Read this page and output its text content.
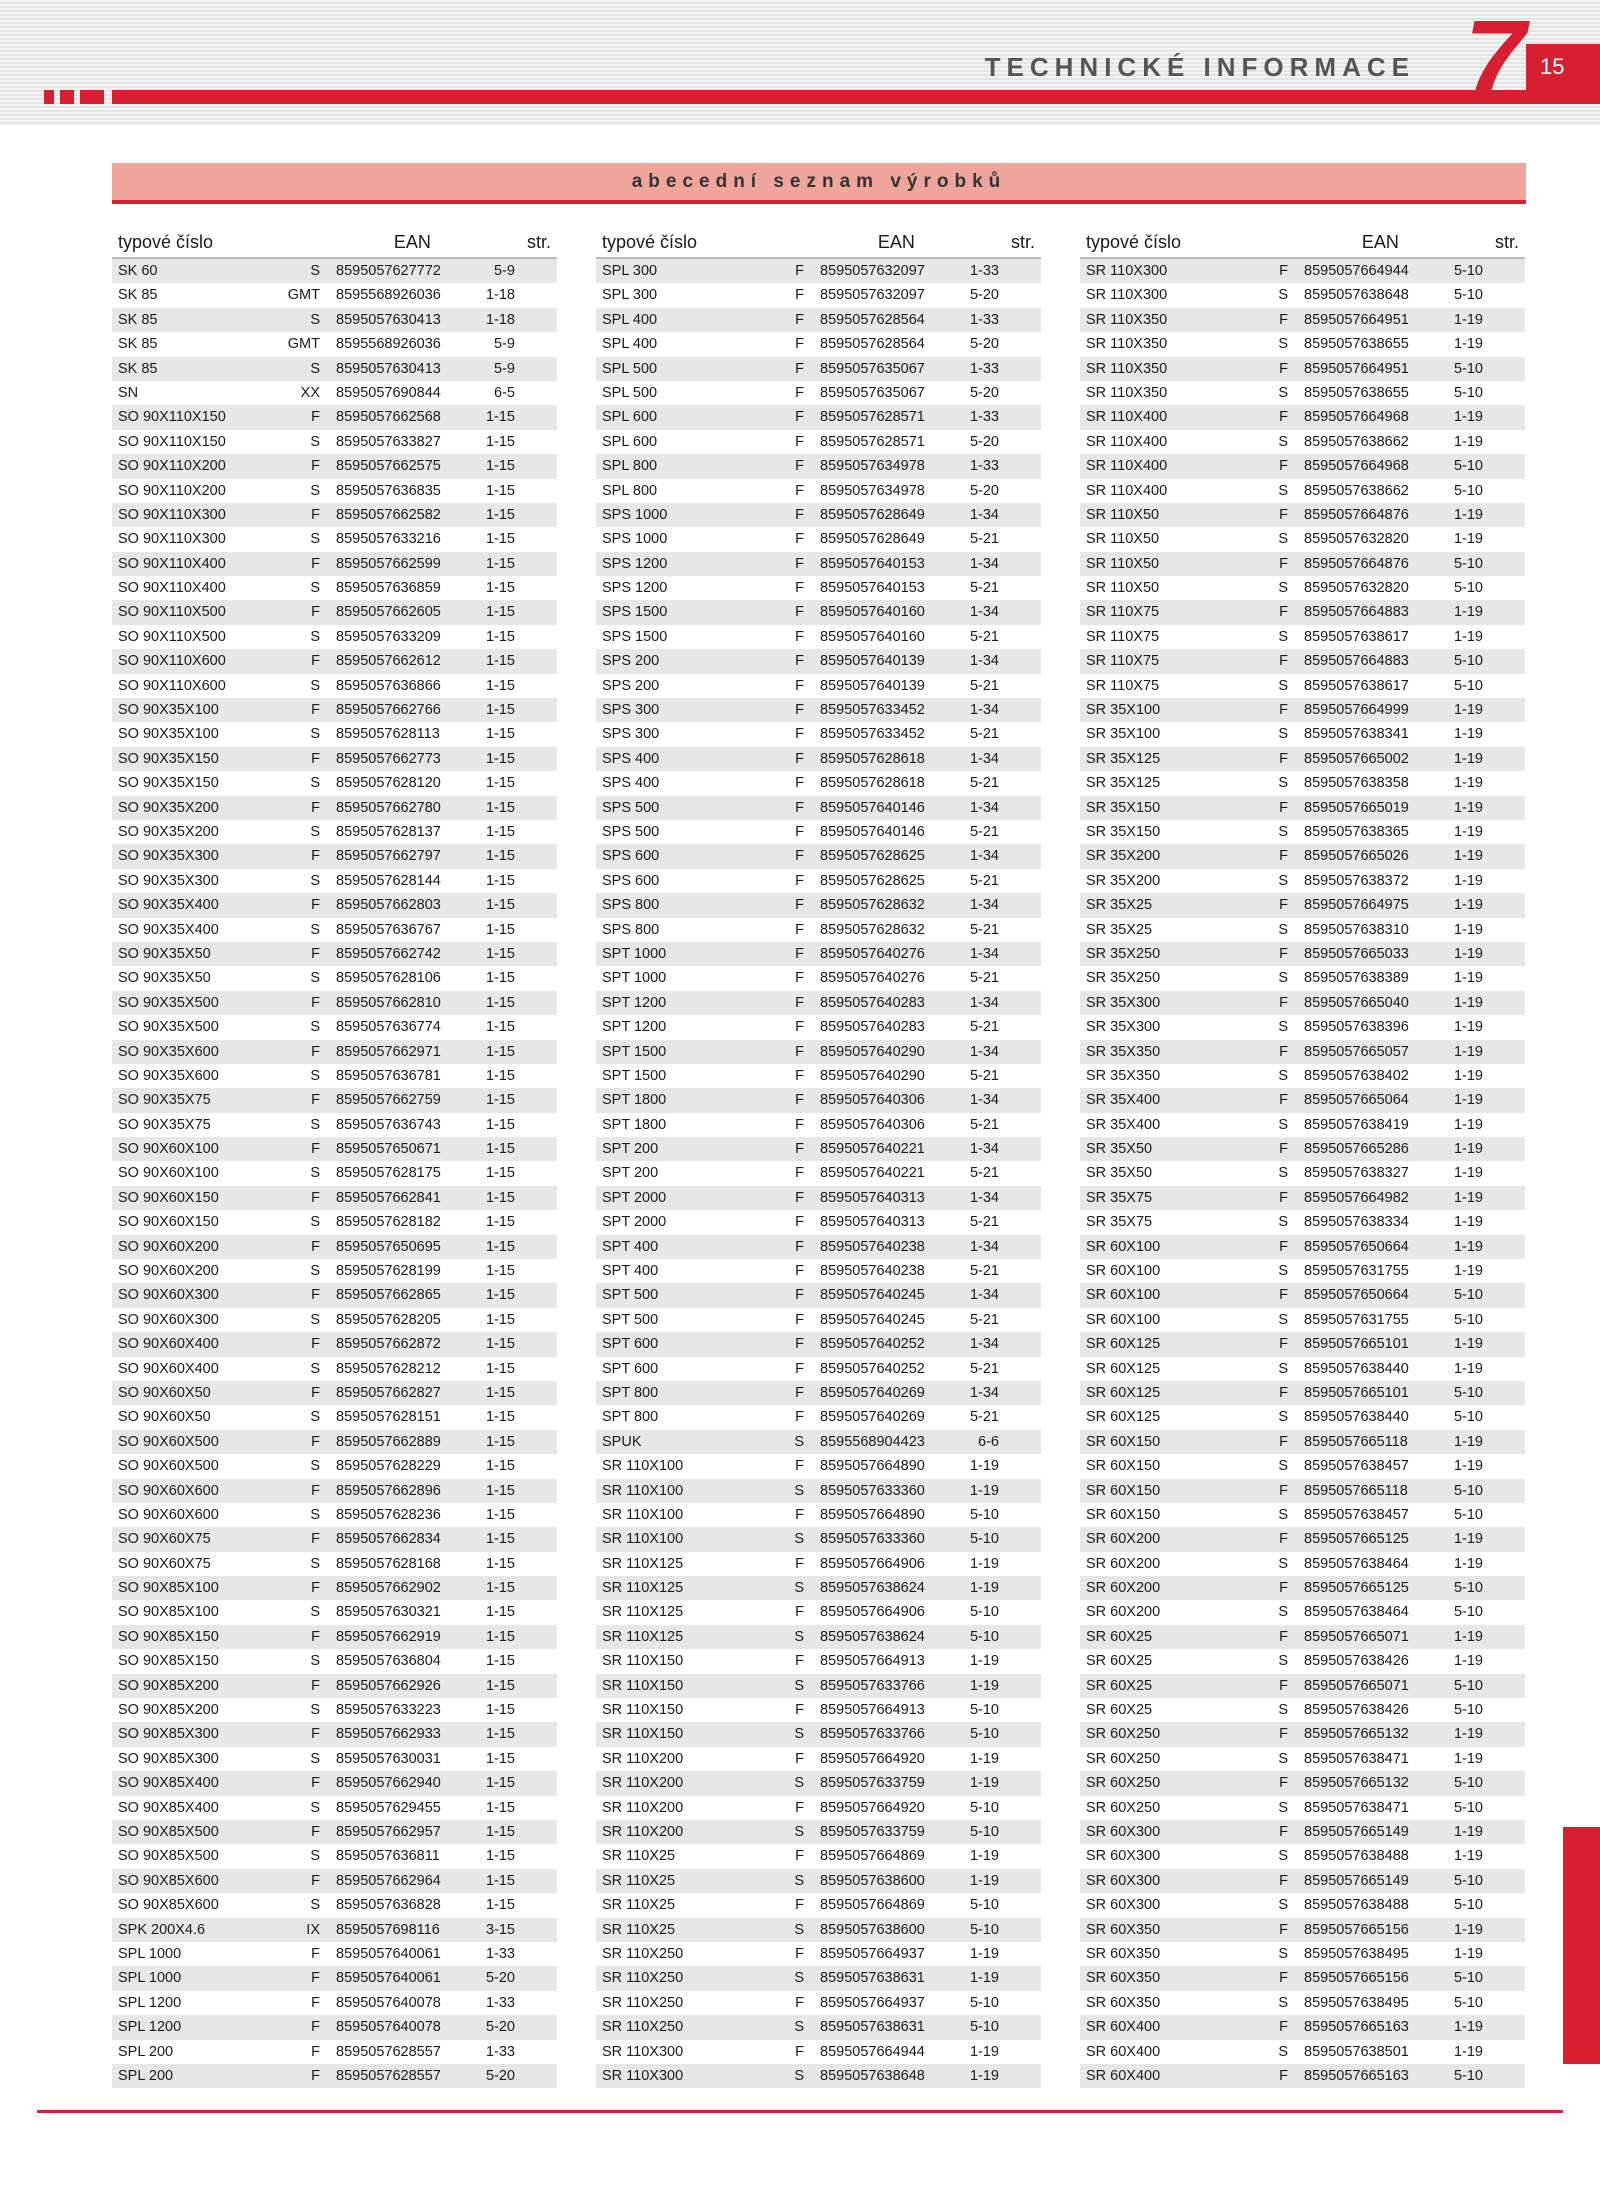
TECHNICKÉ INFORMACE 7 15
abecední seznam výrobků
typové číslo	EAN	str.
SK 60	S	8595057627772	5-9
SK 85	GMT	8595568926036	1-18
SK 85	S	8595057630413	1-18
SK 85	GMT	8595568926036	5-9
SK 85	S	8595057630413	5-9
SN	XX	8595057690844	6-5
SO 90X110X150	F	8595057662568	1-15
SO 90X110X150	S	8595057633827	1-15
SO 90X110X200	F	8595057662575	1-15
SO 90X110X200	S	8595057636835	1-15
SO 90X110X300	F	8595057662582	1-15
SO 90X110X300	S	8595057633216	1-15
SO 90X110X400	F	8595057662599	1-15
SO 90X110X400	S	8595057636859	1-15
SO 90X110X500	F	8595057662605	1-15
SO 90X110X500	S	8595057633209	1-15
SO 90X110X600	F	8595057662612	1-15
SO 90X110X600	S	8595057636866	1-15
SO 90X35X100	F	8595057662766	1-15
SO 90X35X100	S	8595057628113	1-15
SO 90X35X150	F	8595057662773	1-15
SO 90X35X150	S	8595057628120	1-15
SO 90X35X200	F	8595057662780	1-15
SO 90X35X200	S	8595057628137	1-15
SO 90X35X300	F	8595057662797	1-15
SO 90X35X300	S	8595057628144	1-15
SO 90X35X400	F	8595057662803	1-15
SO 90X35X400	S	8595057636767	1-15
SO 90X35X50	F	8595057662742	1-15
SO 90X35X50	S	8595057628106	1-15
SO 90X35X500	F	8595057662810	1-15
SO 90X35X500	S	8595057636774	1-15
SO 90X35X600	F	8595057662971	1-15
SO 90X35X600	S	8595057636781	1-15
SO 90X35X75	F	8595057662759	1-15
SO 90X35X75	S	8595057636743	1-15
SO 90X60X100	F	8595057650671	1-15
SO 90X60X100	S	8595057628175	1-15
SO 90X60X150	F	8595057662841	1-15
SO 90X60X150	S	8595057628182	1-15
SO 90X60X200	F	8595057650695	1-15
SO 90X60X200	S	8595057628199	1-15
SO 90X60X300	F	8595057662865	1-15
SO 90X60X300	S	8595057628205	1-15
SO 90X60X400	F	8595057662872	1-15
SO 90X60X400	S	8595057628212	1-15
SO 90X60X50	F	8595057662827	1-15
SO 90X60X50	S	8595057628151	1-15
SO 90X60X500	F	8595057662889	1-15
SO 90X60X500	S	8595057628229	1-15
SO 90X60X600	F	8595057662896	1-15
SO 90X60X600	S	8595057628236	1-15
SO 90X60X75	F	8595057662834	1-15
SO 90X60X75	S	8595057628168	1-15
SO 90X85X100	F	8595057662902	1-15
SO 90X85X100	S	8595057630321	1-15
SO 90X85X150	F	8595057662919	1-15
SO 90X85X150	S	8595057636804	1-15
SO 90X85X200	F	8595057662926	1-15
SO 90X85X200	S	8595057633223	1-15
SO 90X85X300	F	8595057662933	1-15
SO 90X85X300	S	8595057630031	1-15
SO 90X85X400	F	8595057662940	1-15
SO 90X85X400	S	8595057629455	1-15
SO 90X85X500	F	8595057662957	1-15
SO 90X85X500	S	8595057636811	1-15
SO 90X85X600	F	8595057662964	1-15
SO 90X85X600	S	8595057636828	1-15
SPK 200X4.6	IX	8595057698116	3-15
SPL 1000	F	8595057640061	1-33
SPL 1000	F	8595057640061	5-20
SPL 1200	F	8595057640078	1-33
SPL 1200	F	8595057640078	5-20
SPL 200	F	8595057628557	1-33
SPL 200	F	8595057628557	5-20
typové číslo	EAN	str.
SPL 300	F	8595057632097	1-33
SPL 300	F	8595057632097	5-20
SPL 400	F	8595057628564	1-33
SPL 400	F	8595057628564	5-20
SPL 500	F	8595057635067	1-33
SPL 500	F	8595057635067	5-20
SPL 600	F	8595057628571	1-33
SPL 600	F	8595057628571	5-20
SPL 800	F	8595057634978	1-33
SPL 800	F	8595057634978	5-20
SPS 1000	F	8595057628649	1-34
SPS 1000	F	8595057628649	5-21
SPS 1200	F	8595057640153	1-34
SPS 1200	F	8595057640153	5-21
SPS 1500	F	8595057640160	1-34
SPS 1500	F	8595057640160	5-21
SPS 200	F	8595057640139	1-34
SPS 200	F	8595057640139	5-21
SPS 300	F	8595057633452	1-34
SPS 300	F	8595057633452	5-21
SPS 400	F	8595057628618	1-34
SPS 400	F	8595057628618	5-21
SPS 500	F	8595057640146	1-34
SPS 500	F	8595057640146	5-21
SPS 600	F	8595057628625	1-34
SPS 600	F	8595057628625	5-21
SPS 800	F	8595057628632	1-34
SPS 800	F	8595057628632	5-21
SPT 1000	F	8595057640276	1-34
SPT 1000	F	8595057640276	5-21
SPT 1200	F	8595057640283	1-34
SPT 1200	F	8595057640283	5-21
SPT 1500	F	8595057640290	1-34
SPT 1500	F	8595057640290	5-21
SPT 1800	F	8595057640306	1-34
SPT 1800	F	8595057640306	5-21
SPT 200	F	8595057640221	1-34
SPT 200	F	8595057640221	5-21
SPT 2000	F	8595057640313	1-34
SPT 2000	F	8595057640313	5-21
SPT 400	F	8595057640238	1-34
SPT 400	F	8595057640238	5-21
SPT 500	F	8595057640245	1-34
SPT 500	F	8595057640245	5-21
SPT 600	F	8595057640252	1-34
SPT 600	F	8595057640252	5-21
SPT 800	F	8595057640269	1-34
SPT 800	F	8595057640269	5-21
SPUK	S	8595568904423	6-6
SR 110X100	F	8595057664890	1-19
SR 110X100	S	8595057633360	1-19
SR 110X100	F	8595057664890	5-10
SR 110X100	S	8595057633360	5-10
SR 110X125	F	8595057664906	1-19
SR 110X125	S	8595057638624	1-19
SR 110X125	F	8595057664906	5-10
SR 110X125	S	8595057638624	5-10
SR 110X150	F	8595057664913	1-19
SR 110X150	S	8595057633766	1-19
SR 110X150	F	8595057664913	5-10
SR 110X150	S	8595057633766	5-10
SR 110X200	F	8595057664920	1-19
SR 110X200	S	8595057633759	1-19
SR 110X200	F	8595057664920	5-10
SR 110X200	S	8595057633759	5-10
SR 110X25	F	8595057664869	1-19
SR 110X25	S	8595057638600	1-19
SR 110X25	F	8595057664869	5-10
SR 110X25	S	8595057638600	5-10
SR 110X250	F	8595057664937	1-19
SR 110X250	S	8595057638631	1-19
SR 110X250	F	8595057664937	5-10
SR 110X250	S	8595057638631	5-10
SR 110X300	F	8595057664944	1-19
SR 110X300	S	8595057638648	1-19
typové číslo	EAN	str.
SR 110X300	F	8595057664944	5-10
SR 110X300	S	8595057638648	5-10
SR 110X350	F	8595057664951	1-19
SR 110X350	S	8595057638655	1-19
SR 110X350	F	8595057664951	5-10
SR 110X350	S	8595057638655	5-10
SR 110X400	F	8595057664968	1-19
SR 110X400	S	8595057638662	1-19
SR 110X400	F	8595057664968	5-10
SR 110X400	S	8595057638662	5-10
SR 110X50	F	8595057664876	1-19
SR 110X50	S	8595057632820	1-19
SR 110X50	F	8595057664876	5-10
SR 110X50	S	8595057632820	5-10
SR 110X75	F	8595057664883	1-19
SR 110X75	S	8595057638617	1-19
SR 110X75	F	8595057664883	5-10
SR 110X75	S	8595057638617	5-10
SR 35X100	F	8595057664999	1-19
SR 35X100	S	8595057638341	1-19
SR 35X125	F	8595057665002	1-19
SR 35X125	S	8595057638358	1-19
SR 35X150	F	8595057665019	1-19
SR 35X150	S	8595057638365	1-19
SR 35X200	F	8595057665026	1-19
SR 35X200	S	8595057638372	1-19
SR 35X25	F	8595057664975	1-19
SR 35X25	S	8595057638310	1-19
SR 35X250	F	8595057665033	1-19
SR 35X250	S	8595057638389	1-19
SR 35X300	F	8595057665040	1-19
SR 35X300	S	8595057638396	1-19
SR 35X350	F	8595057665057	1-19
SR 35X350	S	8595057638402	1-19
SR 35X400	F	8595057665064	1-19
SR 35X400	S	8595057638419	1-19
SR 35X50	F	8595057665286	1-19
SR 35X50	S	8595057638327	1-19
SR 35X75	F	8595057664982	1-19
SR 35X75	S	8595057638334	1-19
SR 60X100	F	8595057650664	1-19
SR 60X100	S	8595057631755	1-19
SR 60X100	F	8595057650664	5-10
SR 60X100	S	8595057631755	5-10
SR 60X125	F	8595057665101	1-19
SR 60X125	S	8595057638440	1-19
SR 60X125	F	8595057665101	5-10
SR 60X125	S	8595057638440	5-10
SR 60X150	F	8595057665118	1-19
SR 60X150	S	8595057638457	1-19
SR 60X150	F	8595057665118	5-10
SR 60X150	S	8595057638457	5-10
SR 60X200	F	8595057665125	1-19
SR 60X200	S	8595057638464	1-19
SR 60X200	F	8595057665125	5-10
SR 60X200	S	8595057638464	5-10
SR 60X25	F	8595057665071	1-19
SR 60X25	S	8595057638426	1-19
SR 60X25	F	8595057665071	5-10
SR 60X25	S	8595057638426	5-10
SR 60X250	F	8595057665132	1-19
SR 60X250	S	8595057638471	1-19
SR 60X250	F	8595057665132	5-10
SR 60X250	S	8595057638471	5-10
SR 60X300	F	8595057665149	1-19
SR 60X300	S	8595057638488	1-19
SR 60X300	F	8595057665149	5-10
SR 60X300	S	8595057638488	5-10
SR 60X350	F	8595057665156	1-19
SR 60X350	S	8595057638495	1-19
SR 60X350	F	8595057665156	5-10
SR 60X350	S	8595057638495	5-10
SR 60X400	F	8595057665163	1-19
SR 60X400	S	8595057638501	1-19
SR 60X400	F	8595057665163	5-10
